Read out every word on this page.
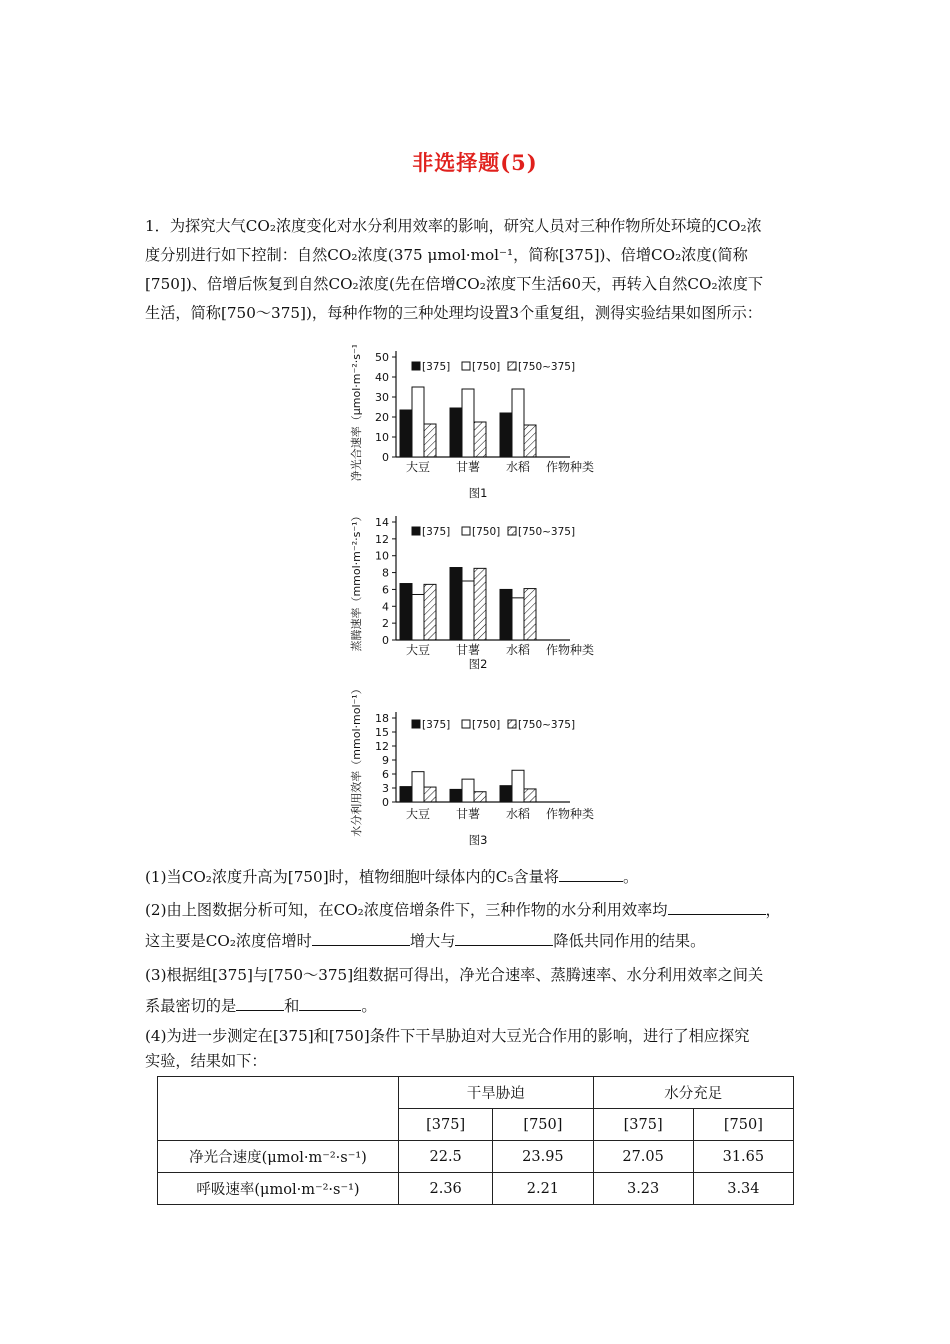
非选择题(5)
1．为探究大气CO₂浓度变化对水分利用效率的影响，研究人员对三种作物所处环境的CO₂浓
度分别进行如下控制：自然CO₂浓度(375 μmol·mol⁻¹，简称[375])、倍增CO₂浓度(简称
[750])、倍增后恢复到自然CO₂浓度(先在倍增CO₂浓度下生活60天，再转入自然CO₂浓度下
生活，简称[750～375])，每种作物的三种处理均设置3个重复组，测得实验结果如图所示：
0
10
20
30
40
50
净光合速率（μmol·m⁻²·s⁻¹）	[375] [750] [750~375]
大豆 甘薯 水稻 作物种类
图1
0
2
4
6
8
10
12
14
蒸腾速率（mmol·m⁻²·s⁻¹）	[375] [750] [750~375]
大豆 甘薯 水稻 作物种类
图2
0
3
6
9
12
15
18
水分利用效率（mmol·mol⁻¹）	[375] [750] [750~375]
大豆 甘薯 水稻 作物种类
图3
(1)当CO₂浓度升高为[750]时，植物细胞叶绿体内的C₅含量将	。
(2)由上图数据分析可知，在CO₂浓度倍增条件下，三种作物的水分利用效率均	，
这主要是CO₂浓度倍增时	增大与	降低共同作用的结果。
(3)根据组[375]与[750～375]组数据可得出，净光合速率、蒸腾速率、水分利用效率之间关
系最密切的是	和	。
(4)为进一步测定在[375]和[750]条件下干旱胁迫对大豆光合作用的影响，进行了相应探究
实验，结果如下：
	干旱胁迫		水分充足	
	[375]	[750]	[375]	[750]
净光合速度(μmol·m⁻²·s⁻¹)	22.5	23.95	27.05	31.65
呼吸速率(μmol·m⁻²·s⁻¹)	2.36	2.21	3.23	3.34
